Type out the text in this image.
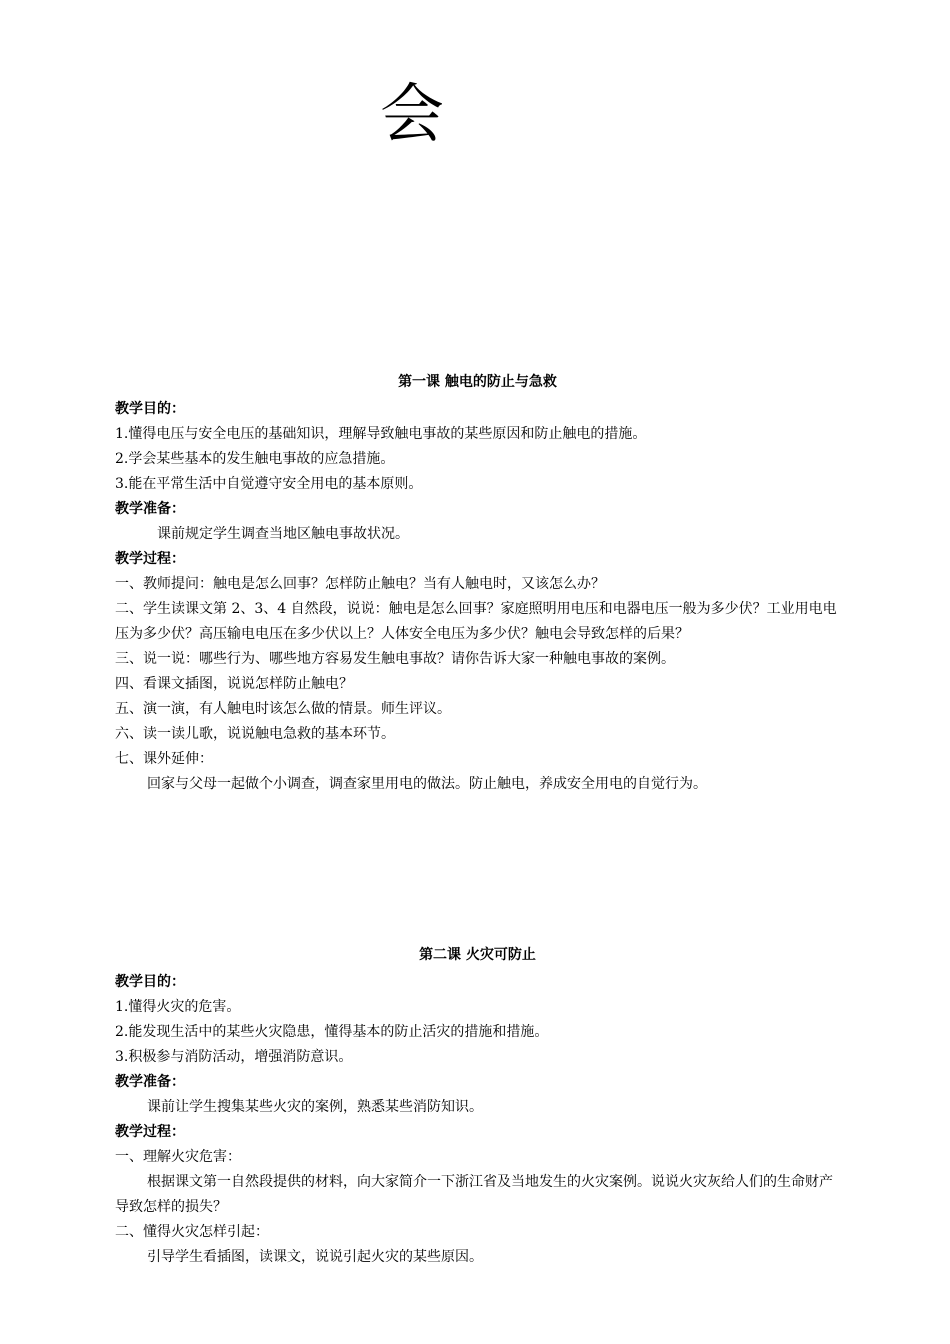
会
第一课 触电的防止与急救
教学目的：

1.懂得电压与安全电压的基础知识，理解导致触电事故的某些原因和防止触电的措施。

2.学会某些基本的发生触电事故的应急措施。

3.能在平常生活中自觉遵守安全用电的基本原则。

教学准备：

课前规定学生调查当地区触电事故状况。

教学过程：

一、教师提问：触电是怎么回事？怎样防止触电？当有人触电时，又该怎么办？

二、学生读课文第 2、3、4 自然段，说说：触电是怎么回事？家庭照明用电压和电器电压一般为多少伏？工业用电电压为多少伏？高压输电电压在多少伏以上？人体安全电压为多少伏？触电会导致怎样的后果？

三、说一说：哪些行为、哪些地方容易发生触电事故？请你告诉大家一种触电事故的案例。

四、看课文插图，说说怎样防止触电？

五、演一演，有人触电时该怎么做的情景。师生评议。

六、读一读儿歌，说说触电急救的基本环节。

七、课外延伸：

回家与父母一起做个小调查，调查家里用电的做法。防止触电，养成安全用电的自觉行为。

第二课 火灾可防止
教学目的：

1.懂得火灾的危害。

2.能发现生活中的某些火灾隐患，懂得基本的防止活灾的措施和措施。

3.积极参与消防活动，增强消防意识。

教学准备：

课前让学生搜集某些火灾的案例，熟悉某些消防知识。

教学过程：

一、理解火灾危害：

根据课文第一自然段提供的材料，向大家简介一下浙江省及当地发生的火灾案例。说说火灾灰给人们的生命财产导致怎样的损失？

二、懂得火灾怎样引起：

引导学生看插图，读课文，说说引起火灾的某些原因。
